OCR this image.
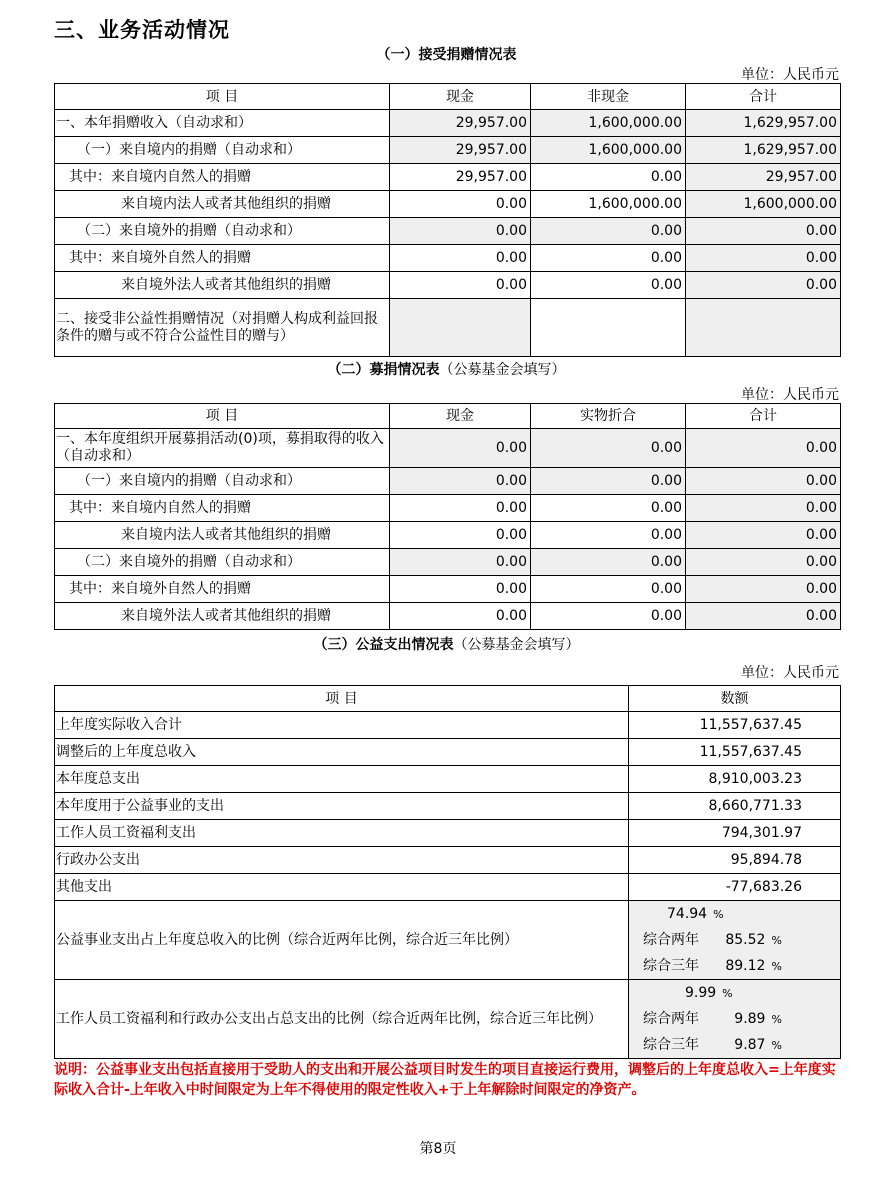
三、业务活动情况
（一）接受捐赠情况表
单位：人民币元
项 目	现金	非现金	合计
一、本年捐赠收入（自动求和）	29,957.00	1,600,000.00	1,629,957.00
（一）来自境内的捐赠（自动求和）	29,957.00	1,600,000.00	1,629,957.00
其中：来自境内自然人的捐赠	29,957.00	0.00	29,957.00
来自境内法人或者其他组织的捐赠	0.00	1,600,000.00	1,600,000.00
（二）来自境外的捐赠（自动求和）	0.00	0.00	0.00
其中：来自境外自然人的捐赠	0.00	0.00	0.00
来自境外法人或者其他组织的捐赠	0.00	0.00	0.00
二、接受非公益性捐赠情况（对捐赠人构成利益回报条件的赠与或不符合公益性目的赠与）			
（二）募捐情况表（公募基金会填写）
单位：人民币元
项 目	现金	实物折合	合计
一、本年度组织开展募捐活动(0)项，募捐取得的收入（自动求和）	0.00	0.00	0.00
（一）来自境内的捐赠（自动求和）	0.00	0.00	0.00
其中：来自境内自然人的捐赠	0.00	0.00	0.00
来自境内法人或者其他组织的捐赠	0.00	0.00	0.00
（二）来自境外的捐赠（自动求和）	0.00	0.00	0.00
其中：来自境外自然人的捐赠	0.00	0.00	0.00
来自境外法人或者其他组织的捐赠	0.00	0.00	0.00
（三）公益支出情况表（公募基金会填写）
单位：人民币元
项 目	数额
上年度实际收入合计	11,557,637.45
调整后的上年度总收入	11,557,637.45
本年度总支出	8,910,003.23
本年度用于公益事业的支出	8,660,771.33
工作人员工资福利支出	794,301.97
行政办公支出	95,894.78
其他支出	-77,683.26
公益事业支出占上年度总收入的比例（综合近两年比例，综合近三年比例）	74.94 %
综合两年 85.52 %
综合三年 89.12 %

工作人员工资福利和行政办公支出占总支出的比例（综合近两年比例，综合近三年比例）	9.99 %
综合两年 9.89 %
综合三年 9.87 %
说明：公益事业支出包括直接用于受助人的支出和开展公益项目时发生的项目直接运行费用，调整后的上年度总收入=上年度实际收入合计-上年收入中时间限定为上年不得使用的限定性收入+于上年解除时间限定的净资产。
第8页
